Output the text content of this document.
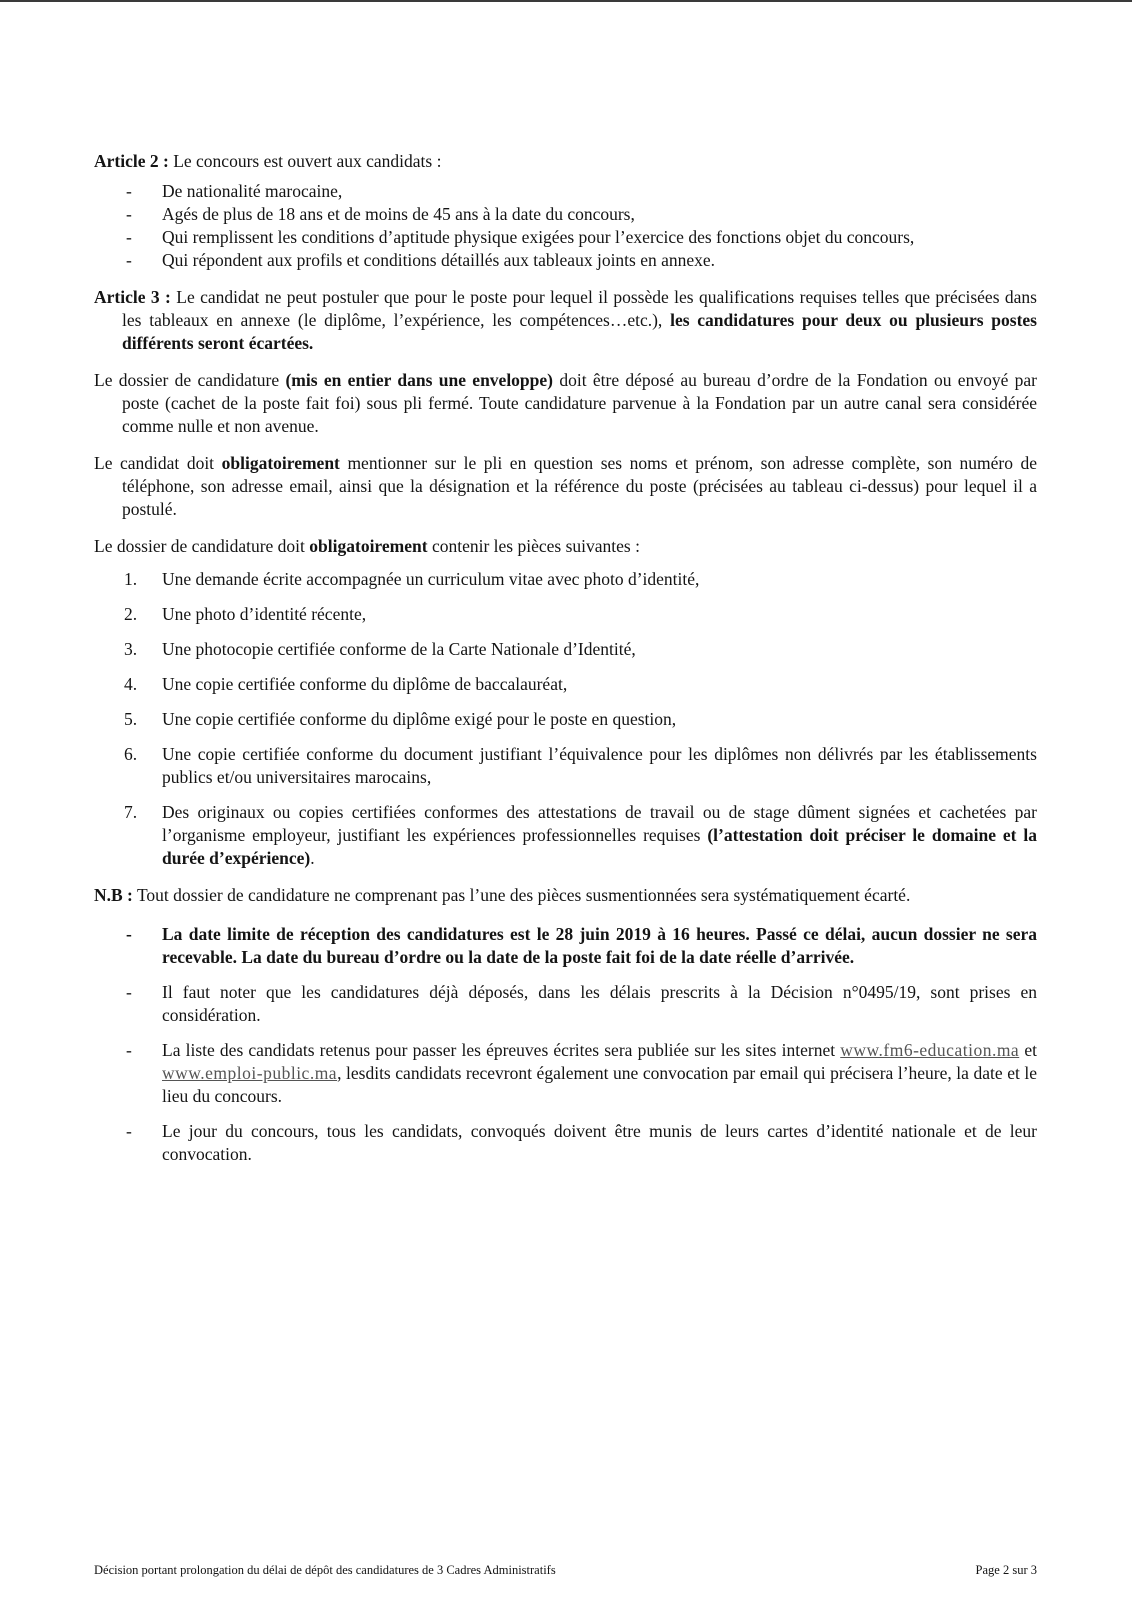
Article 2 : Le concours est ouvert aux candidats :

- De nationalité marocaine,
- Agés de plus de 18 ans et de moins de 45 ans à la date du concours,
- Qui remplissent les conditions d’aptitude physique exigées pour l’exercice des fonctions objet du concours,
- Qui répondent aux profils et conditions détaillés aux tableaux joints en annexe.

Article 3 : Le candidat ne peut postuler que pour le poste pour lequel il possède les qualifications requises telles que précisées dans les tableaux en annexe (le diplôme, l’expérience, les compétences…etc.), les candidatures pour deux ou plusieurs postes différents seront écartées.

Le dossier de candidature (mis en entier dans une enveloppe) doit être déposé au bureau d’ordre de la Fondation ou envoyé par poste (cachet de la poste fait foi) sous pli fermé. Toute candidature parvenue à la Fondation par un autre canal sera considérée comme nulle et non avenue.

Le candidat doit obligatoirement mentionner sur le pli en question ses noms et prénom, son adresse complète, son numéro de téléphone, son adresse email, ainsi que la désignation et la référence du poste (précisées au tableau ci-dessus) pour lequel il a postulé.

Le dossier de candidature doit obligatoirement contenir les pièces suivantes :

1. Une demande écrite accompagnée un curriculum vitae avec photo d’identité,
2. Une photo d’identité récente,
3. Une photocopie certifiée conforme de la Carte Nationale d’Identité,
4. Une copie certifiée conforme du diplôme de baccalauréat,
5. Une copie certifiée conforme du diplôme exigé pour le poste en question,
6. Une copie certifiée conforme du document justifiant l’équivalence pour les diplômes non délivrés par les établissements publics et/ou universitaires marocains,
7. Des originaux ou copies certifiées conformes des attestations de travail ou de stage dûment signées et cachetées par l’organisme employeur, justifiant les expériences professionnelles requises (l’attestation doit préciser le domaine et la durée d’expérience).

N.B : Tout dossier de candidature ne comprenant pas l’une des pièces susmentionnées sera systématiquement écarté.

- La date limite de réception des candidatures est le 28 juin 2019 à 16 heures. Passé ce délai, aucun dossier ne sera recevable. La date du bureau d’ordre ou la date de la poste fait foi de la date réelle d’arrivée.
- Il faut noter que les candidatures déjà déposés, dans les délais prescrits à la Décision n°0495/19, sont prises en considération.
- La liste des candidats retenus pour passer les épreuves écrites sera publiée sur les sites internet www.fm6-education.ma et www.emploi-public.ma, lesdits candidats recevront également une convocation par email qui précisera l’heure, la date et le lieu du concours.
- Le jour du concours, tous les candidats, convoqués doivent être munis de leurs cartes d’identité nationale et de leur convocation.
Décision portant prolongation du délai de dépôt des candidatures de 3 Cadres Administratifs	Page 2 sur 3
